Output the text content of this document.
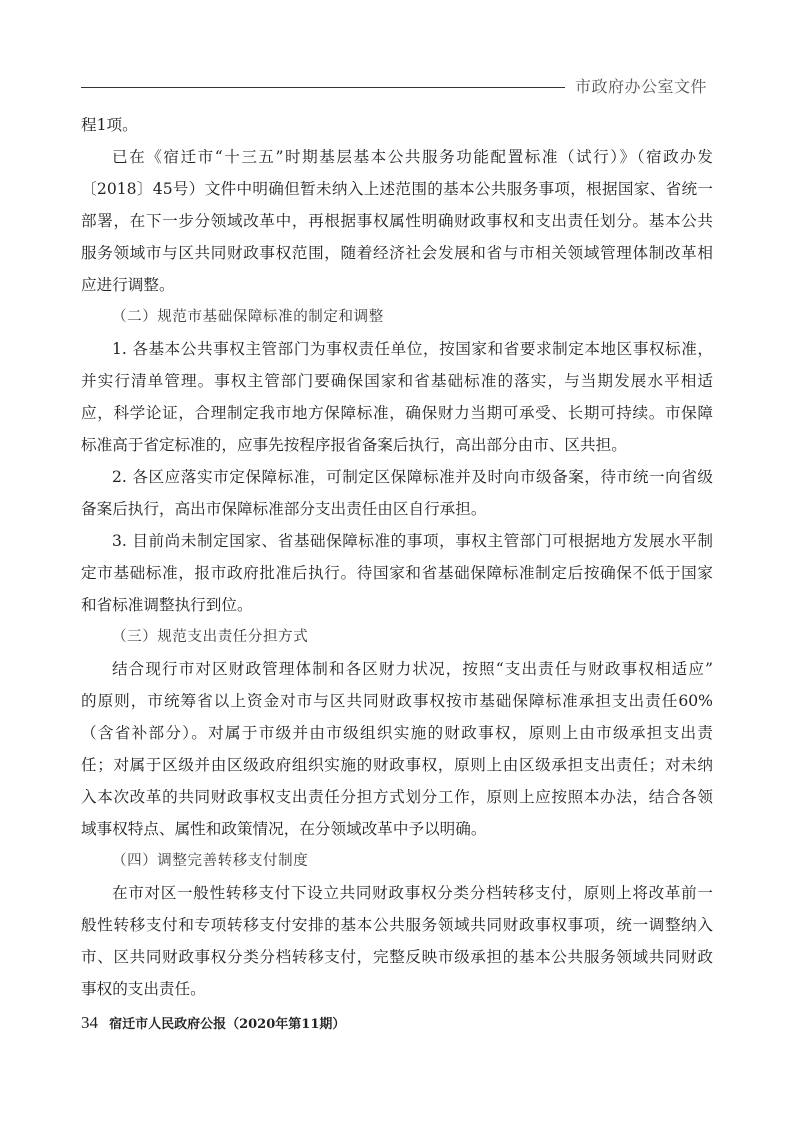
市政府办公室文件
程1项。
已在《宿迁市“十三五”时期基层基本公共服务功能配置标准（试行）》（宿政办发
〔2018〕45号）文件中明确但暂未纳入上述范围的基本公共服务事项，根据国家、省统一
部署，在下一步分领域改革中，再根据事权属性明确财政事权和支出责任划分。基本公共
服务领域市与区共同财政事权范围，随着经济社会发展和省与市相关领域管理体制改革相
应进行调整。
（二）规范市基础保障标准的制定和调整
1. 各基本公共事权主管部门为事权责任单位，按国家和省要求制定本地区事权标准，
并实行清单管理。事权主管部门要确保国家和省基础标准的落实，与当期发展水平相适
应，科学论证，合理制定我市地方保障标准，确保财力当期可承受、长期可持续。市保障
标准高于省定标准的，应事先按程序报省备案后执行，高出部分由市、区共担。
2. 各区应落实市定保障标准，可制定区保障标准并及时向市级备案，待市统一向省级
备案后执行，高出市保障标准部分支出责任由区自行承担。
3. 目前尚未制定国家、省基础保障标准的事项，事权主管部门可根据地方发展水平制
定市基础标准，报市政府批准后执行。待国家和省基础保障标准制定后按确保不低于国家
和省标准调整执行到位。
（三）规范支出责任分担方式
结合现行市对区财政管理体制和各区财力状况，按照“支出责任与财政事权相适应”
的原则，市统筹省以上资金对市与区共同财政事权按市基础保障标准承担支出责任60%
（含省补部分）。对属于市级并由市级组织实施的财政事权，原则上由市级承担支出责
任；对属于区级并由区级政府组织实施的财政事权，原则上由区级承担支出责任；对未纳
入本次改革的共同财政事权支出责任分担方式划分工作，原则上应按照本办法，结合各领
域事权特点、属性和政策情况，在分领域改革中予以明确。
（四）调整完善转移支付制度
在市对区一般性转移支付下设立共同财政事权分类分档转移支付，原则上将改革前一
般性转移支付和专项转移支付安排的基本公共服务领域共同财政事权事项，统一调整纳入
市、区共同财政事权分类分档转移支付，完整反映市级承担的基本公共服务领域共同财政
事权的支出责任。
34 宿迁市人民政府公报（2020年第11期）
